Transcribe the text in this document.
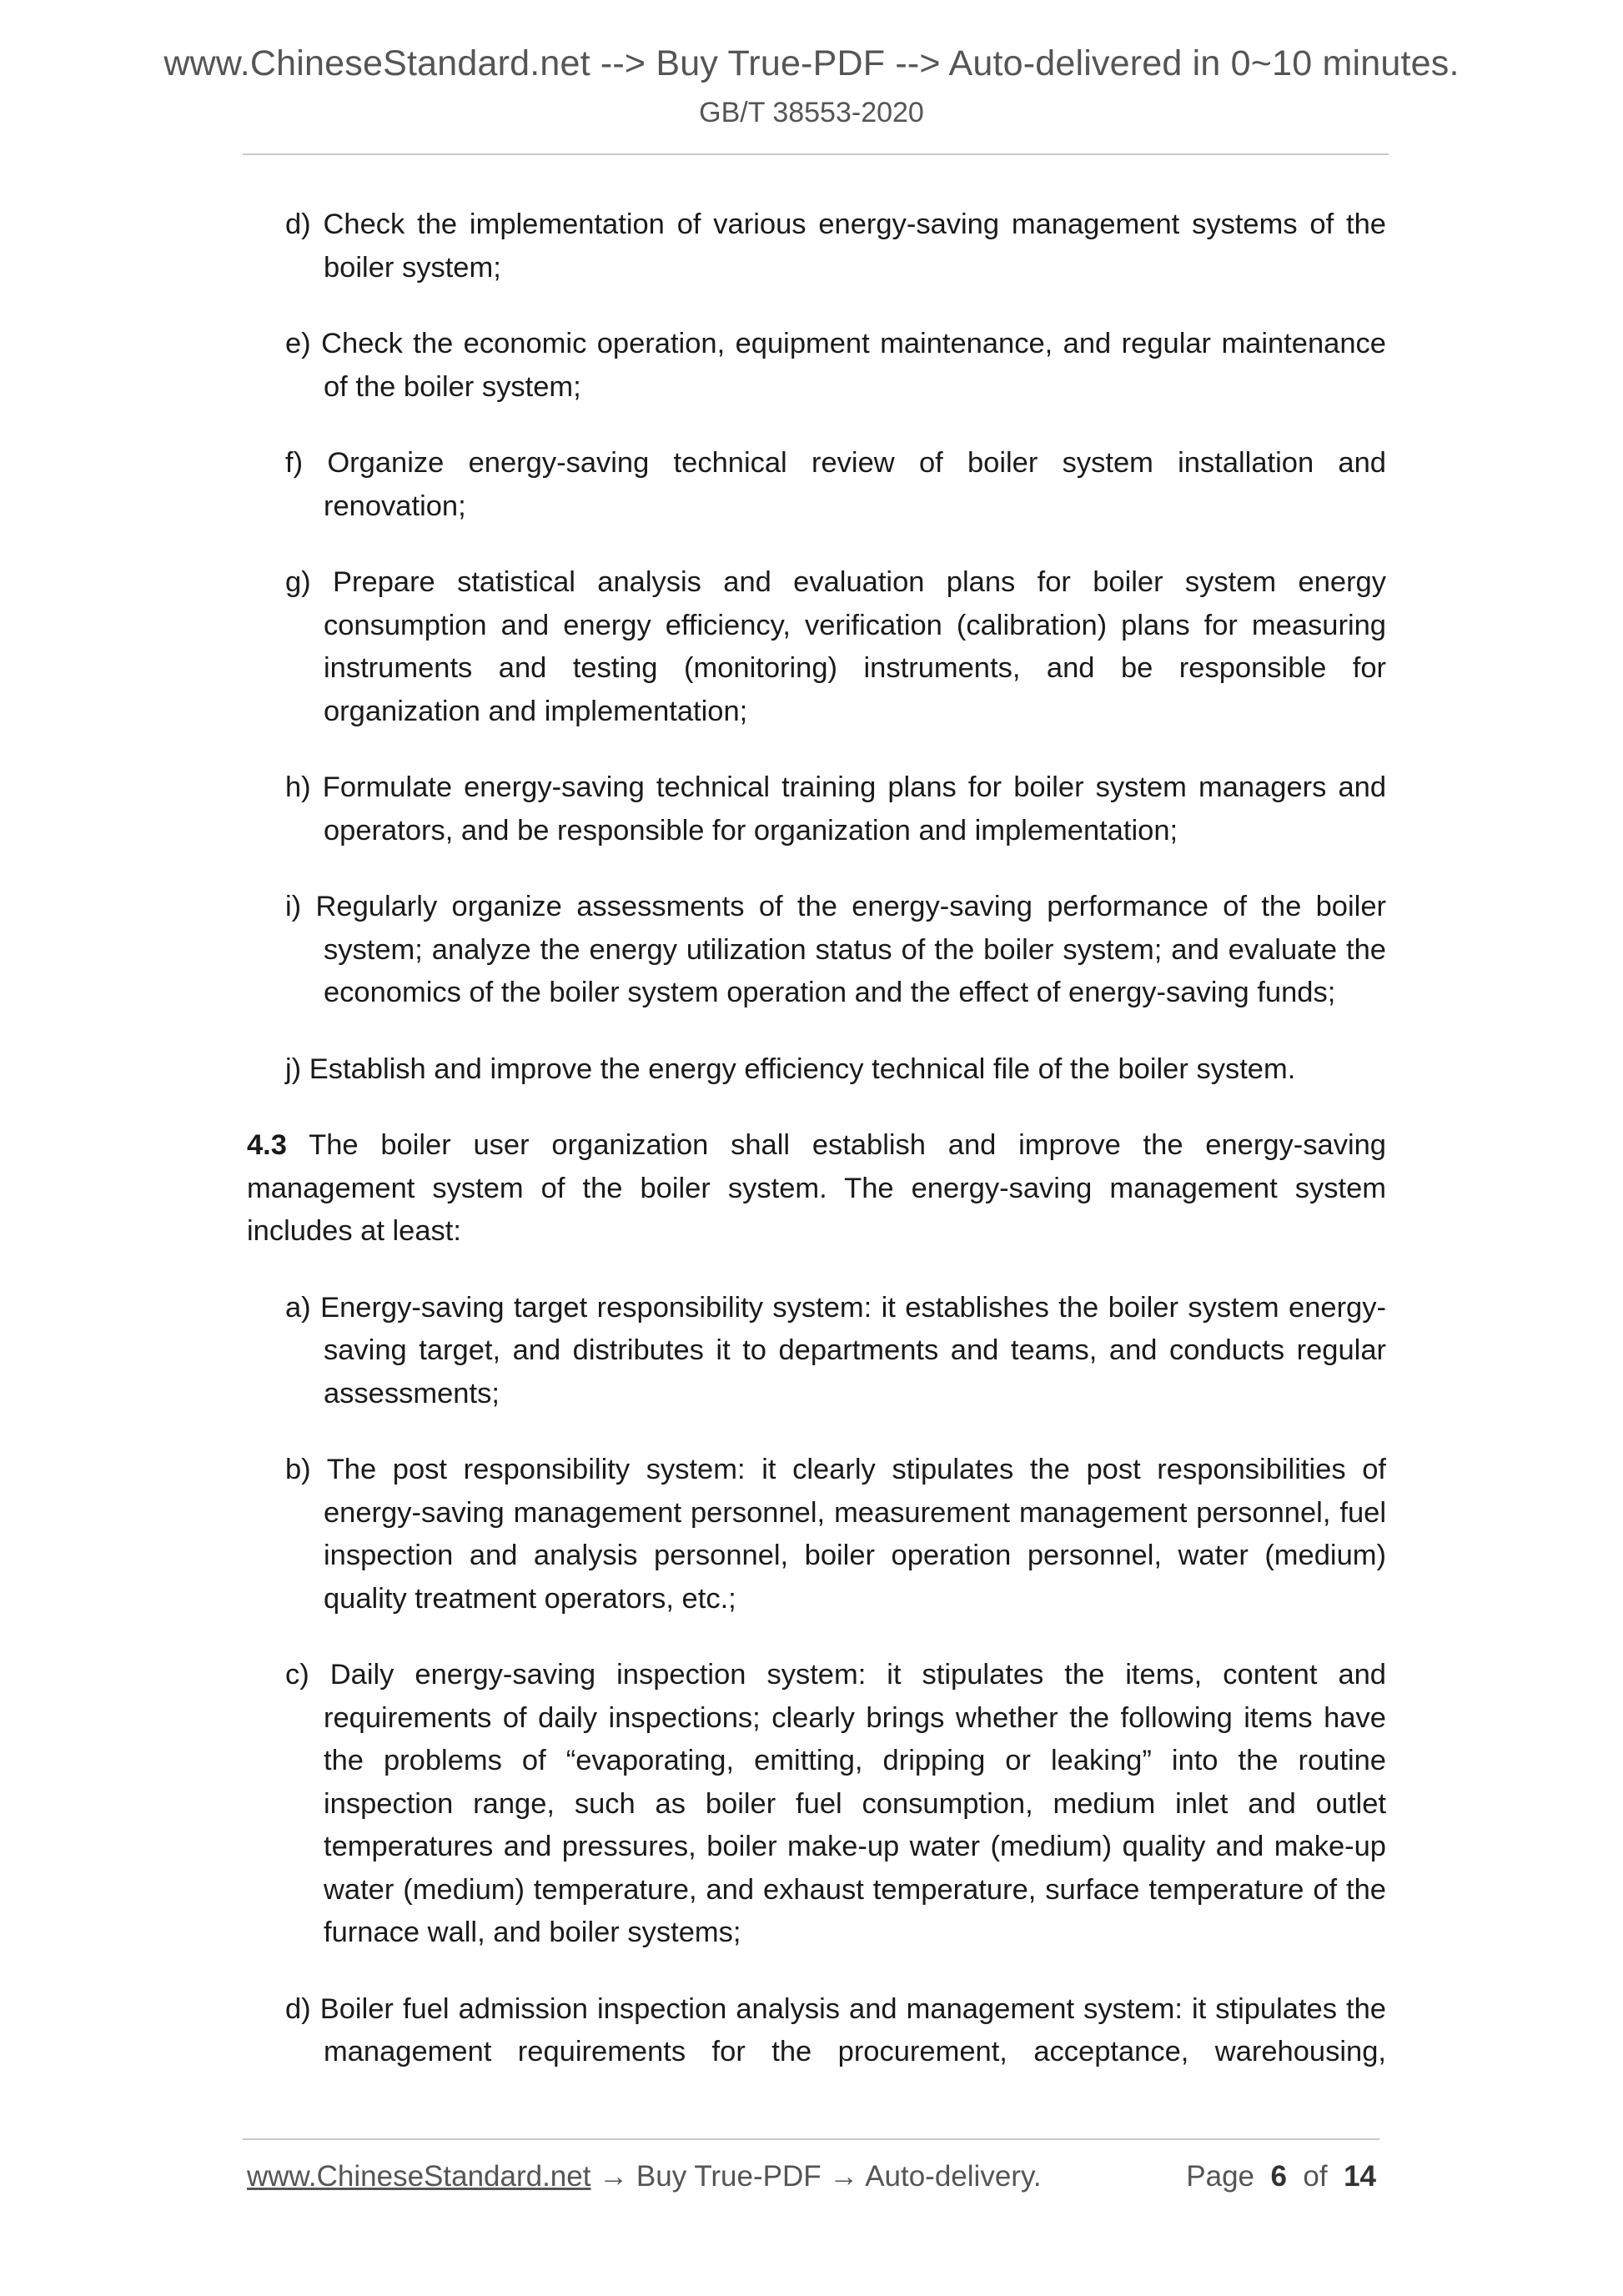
www.ChineseStandard.net --> Buy True-PDF --> Auto-delivered in 0~10 minutes.
GB/T 38553-2020

d) Check the implementation of various energy-saving management systems of the boiler system;

e) Check the economic operation, equipment maintenance, and regular maintenance of the boiler system;

f) Organize energy-saving technical review of boiler system installation and renovation;

g) Prepare statistical analysis and evaluation plans for boiler system energy consumption and energy efficiency, verification (calibration) plans for measuring instruments and testing (monitoring) instruments, and be responsible for organization and implementation;

h) Formulate energy-saving technical training plans for boiler system managers and operators, and be responsible for organization and implementation;

i) Regularly organize assessments of the energy-saving performance of the boiler system; analyze the energy utilization status of the boiler system; and evaluate the economics of the boiler system operation and the effect of energy-saving funds;

j) Establish and improve the energy efficiency technical file of the boiler system.

4.3 The boiler user organization shall establish and improve the energy-saving management system of the boiler system. The energy-saving management system includes at least:

a) Energy-saving target responsibility system: it establishes the boiler system energy-saving target, and distributes it to departments and teams, and conducts regular assessments;

b) The post responsibility system: it clearly stipulates the post responsibilities of energy-saving management personnel, measurement management personnel, fuel inspection and analysis personnel, boiler operation personnel, water (medium) quality treatment operators, etc.;

c) Daily energy-saving inspection system: it stipulates the items, content and requirements of daily inspections; clearly brings whether the following items have the problems of “evaporating, emitting, dripping or leaking” into the routine inspection range, such as boiler fuel consumption, medium inlet and outlet temperatures and pressures, boiler make-up water (medium) quality and make-up water (medium) temperature, and exhaust temperature, surface temperature of the furnace wall, and boiler systems;

d) Boiler fuel admission inspection analysis and management system: it stipulates the management requirements for the procurement, acceptance, warehousing,

www.ChineseStandard.net → Buy True-PDF → Auto-delivery.	Page 6 of 14
